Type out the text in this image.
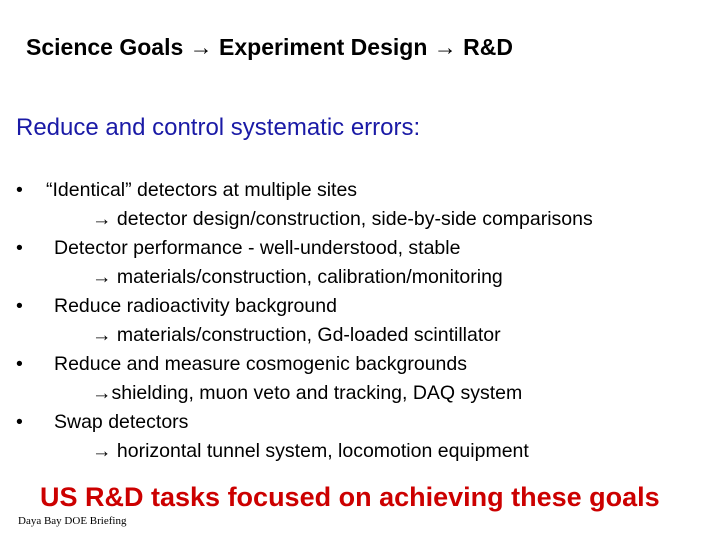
Science Goals → Experiment Design → R&D
Reduce and control systematic errors:
•	“Identical” detectors at multiple sites
→ detector design/construction, side-by-side comparisons
•	Detector performance - well-understood, stable
→ materials/construction, calibration/monitoring
•	Reduce radioactivity background
→ materials/construction, Gd-loaded scintillator
•	Reduce and measure cosmogenic backgrounds
→shielding, muon veto and tracking, DAQ system
•	Swap detectors
→ horizontal tunnel system, locomotion equipment
US R&D tasks focused on achieving these goals
Daya Bay DOE Briefing
